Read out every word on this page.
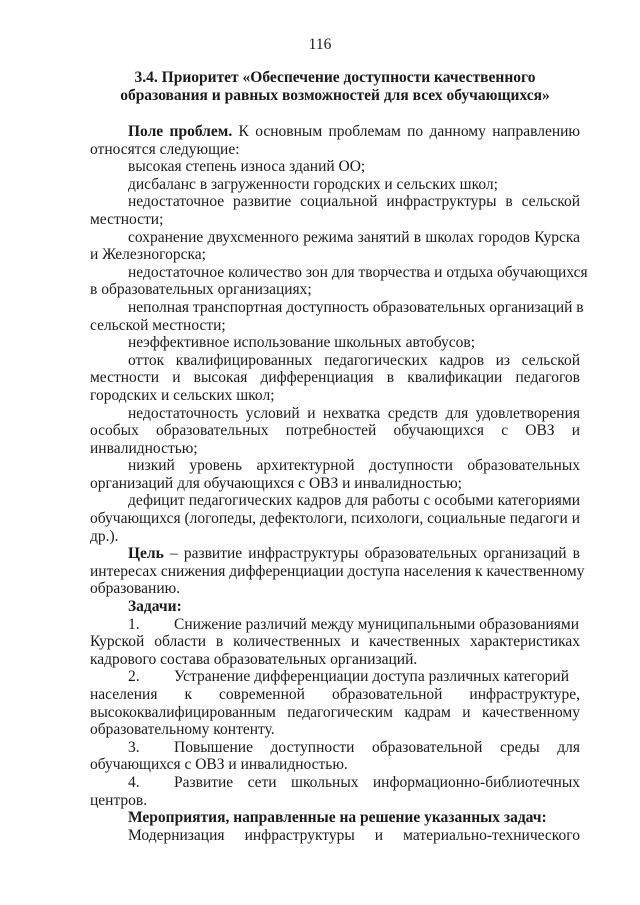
116
3.4. Приоритет «Обеспечение доступности качественного
образования и равных возможностей для всех обучающихся»
Поле проблем. К основным проблемам по данному направлению
относятся следующие:
высокая степень износа зданий ОО;
дисбаланс в загруженности городских и сельских школ;
недостаточное развитие социальной инфраструктуры в сельской
местности;
сохранение двухсменного режима занятий в школах городов Курска
и Железногорска;
недостаточное количество зон для творчества и отдыха обучающихся
в образовательных организациях;
неполная транспортная доступность образовательных организаций в
сельской местности;
неэффективное использование школьных автобусов;
отток квалифицированных педагогических кадров из сельской
местности и высокая дифференциация в квалификации педагогов
городских и сельских школ;
недостаточность условий и нехватка средств для удовлетворения
особых образовательных потребностей обучающихся с ОВЗ и
инвалидностью;
низкий уровень архитектурной доступности образовательных
организаций для обучающихся с ОВЗ и инвалидностью;
дефицит педагогических кадров для работы с особыми категориями
обучающихся (логопеды, дефектологи, психологи, социальные педагоги и
др.).
Цель – развитие инфраструктуры образовательных организаций в
интересах снижения дифференциации доступа населения к качественному
образованию.
Задачи:
1. Снижение различий между муниципальными образованиями
Курской области в количественных и качественных характеристиках
кадрового состава образовательных организаций.
2. Устранение дифференциации доступа различных категорий
населения к современной образовательной инфраструктуре,
высококвалифицированным педагогическим кадрам и качественному
образовательному контенту.
3. Повышение доступности образовательной среды для
обучающихся с ОВЗ и инвалидностью.
4. Развитие сети школьных информационно-библиотечных
центров.
Мероприятия, направленные на решение указанных задач:
Модернизация инфраструктуры и материально-технического
